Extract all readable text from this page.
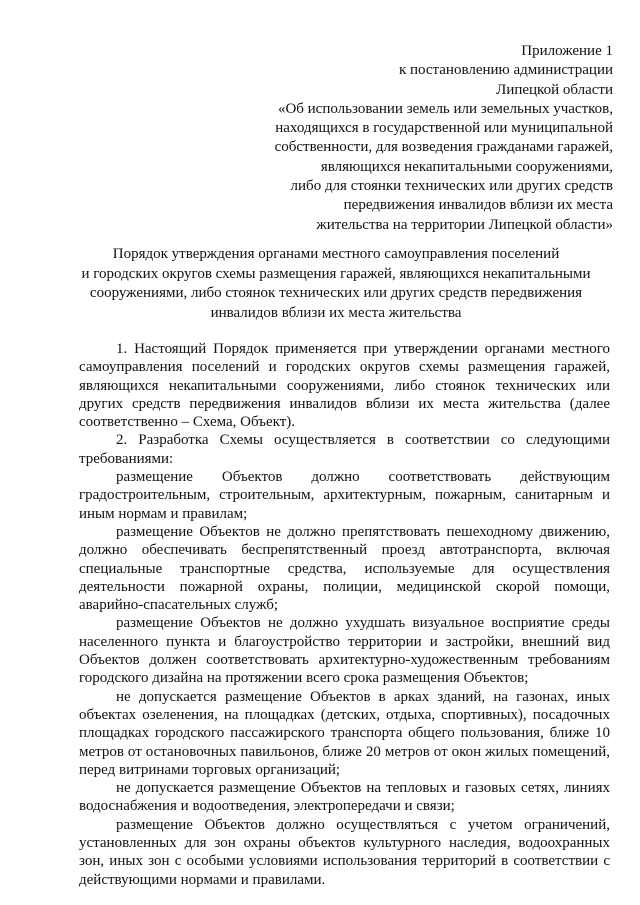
Приложение 1
к постановлению администрации
Липецкой области
«Об использовании земель или земельных участков,
находящихся в государственной или муниципальной
собственности, для возведения гражданами гаражей,
являющихся некапитальными сооружениями,
либо для стоянки технических или других средств
передвижения инвалидов вблизи их места
жительства на территории Липецкой области»
Порядок утверждения органами местного самоуправления поселений
и городских округов схемы размещения гаражей, являющихся некапитальными
сооружениями, либо стоянок технических или других средств передвижения
инвалидов вблизи их места жительства

1. Настоящий Порядок применяется при утверждении органами местного самоуправления поселений и городских округов схемы размещения гаражей, являющихся некапитальными сооружениями, либо стоянок технических или других средств передвижения инвалидов вблизи их места жительства (далее соответственно – Схема, Объект).

2. Разработка Схемы осуществляется в соответствии со следующими требованиями:

размещение Объектов должно соответствовать действующим градостроительным, строительным, архитектурным, пожарным, санитарным и иным нормам и правилам;

размещение Объектов не должно препятствовать пешеходному движению, должно обеспечивать беспрепятственный проезд автотранспорта, включая специальные транспортные средства, используемые для осуществления деятельности пожарной охраны, полиции, медицинской скорой помощи, аварийно-спасательных служб;

размещение Объектов не должно ухудшать визуальное восприятие среды населенного пункта и благоустройство территории и застройки, внешний вид Объектов должен соответствовать архитектурно-художественным требованиям городского дизайна на протяжении всего срока размещения Объектов;

не допускается размещение Объектов в арках зданий, на газонах, иных объектах озеленения, на площадках (детских, отдыха, спортивных), посадочных площадках городского пассажирского транспорта общего пользования, ближе 10 метров от остановочных павильонов, ближе 20 метров от окон жилых помещений, перед витринами торговых организаций;

не допускается размещение Объектов на тепловых и газовых сетях, линиях водоснабжения и водоотведения, электропередачи и связи;

размещение Объектов должно осуществляться с учетом ограничений, установленных для зон охраны объектов культурного наследия, водоохранных зон, иных зон с особыми условиями использования территорий в соответствии с действующими нормами и правилами.
